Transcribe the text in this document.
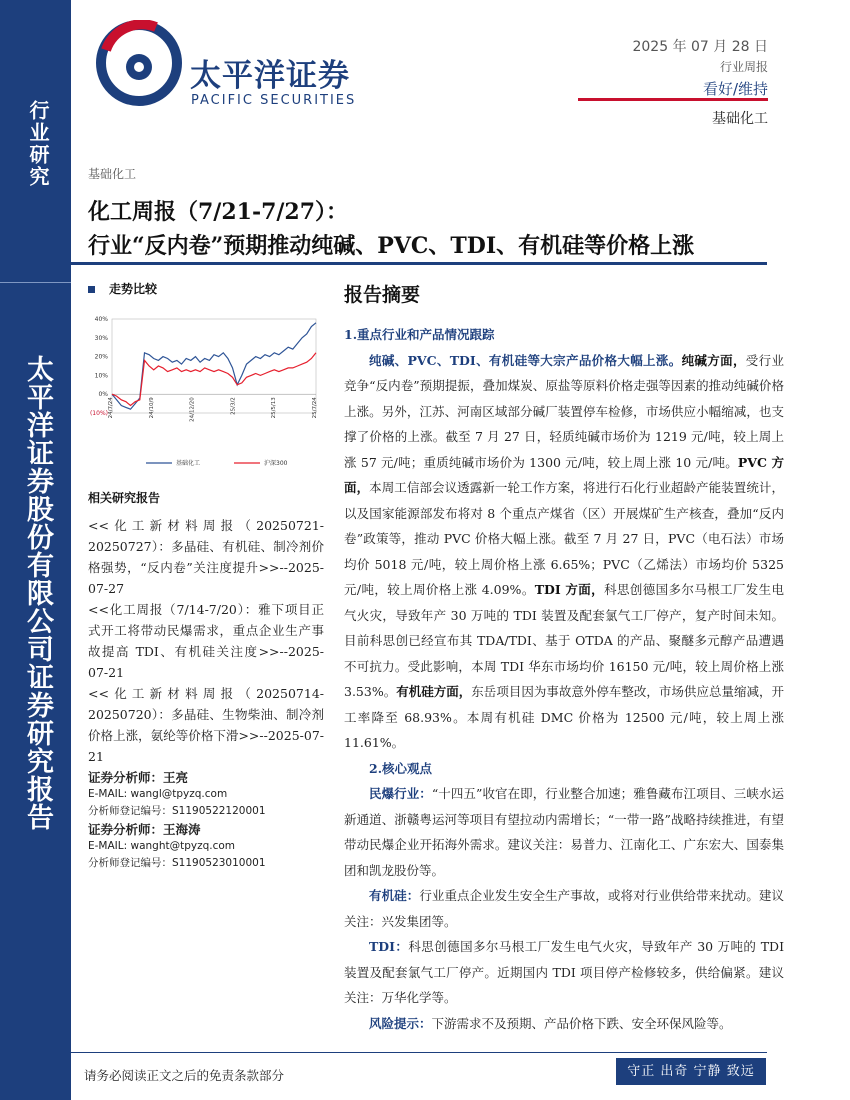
行业研究
太平洋证券股份有限公司证券研究报告
太平洋证券
PACIFIC SECURITIES
2025 年 07 月 28 日
行业周报
看好/维持
基础化工
基础化工
化工周报（7/21-7/27）：
行业“反内卷”预期推动纯碱、PVC、TDI、有机硅等价格上涨
走势比较
40%
30%
20%
10%
0%
(10%) 24/7/24	24/10/9	24/12/20	25/3/2	25/5/13	25/7/24
基础化工	沪深300
相关研究报告

<<化工新材料周报（20250721-20250727）：多晶硅、有机硅、制冷剂价格强势，“反内卷”关注度提升>>--2025-07-27

<<化工周报（7/14-7/20）：雅下项目正式开工将带动民爆需求，重点企业生产事故提高 TDI、有机硅关注度>>--2025-07-21

<<化工新材料周报（20250714-20250720）：多晶硅、生物柴油、制冷剂价格上涨，氨纶等价格下滑>>--2025-07-21

证券分析师：王亮
E-MAIL: wangl@tpyzq.com
分析师登记编号：S1190522120001
证券分析师：王海涛
E-MAIL: wanght@tpyzq.com
分析师登记编号：S1190523010001
报告摘要

1.重点行业和产品情况跟踪

纯碱、PVC、TDI、有机硅等大宗产品价格大幅上涨。纯碱方面，受行业竞争“反内卷”预期提振，叠加煤炭、原盐等原料价格走强等因素的推动纯碱价格上涨。另外，江苏、河南区域部分碱厂装置停车检修，市场供应小幅缩减，也支撑了价格的上涨。截至 7 月 27 日，轻质纯碱市场价为 1219 元/吨，较上周上涨 57 元/吨；重质纯碱市场价为 1300 元/吨，较上周上涨 10 元/吨。PVC 方面，本周工信部会议透露新一轮工作方案，将进行石化行业超龄产能装置统计，以及国家能源部发布将对 8 个重点产煤省（区）开展煤矿生产核查，叠加“反内卷”政策等，推动 PVC 价格大幅上涨。截至 7 月 27 日，PVC（电石法）市场均价 5018 元/吨，较上周价格上涨 6.65%；PVC（乙烯法）市场均价 5325 元/吨，较上周价格上涨 4.09%。TDI 方面，科思创德国多尔马根工厂发生电气火灾，导致年产 30 万吨的 TDI 装置及配套氯气工厂停产，复产时间未知。目前科思创已经宣布其 TDA/TDI、基于 OTDA 的产品、聚醚多元醇产品遭遇不可抗力。受此影响，本周 TDI 华东市场均价 16150 元/吨，较上周价格上涨 3.53%。有机硅方面，东岳项目因为事故意外停车整改，市场供应总量缩减，开工率降至 68.93%。本周有机硅 DMC 价格为 12500 元/吨，较上周上涨 11.61%。

2.核心观点

民爆行业：“十四五”收官在即，行业整合加速；雅鲁藏布江项目、三峡水运新通道、浙赣粤运河等项目有望拉动内需增长；“一带一路”战略持续推进，有望带动民爆企业开拓海外需求。建议关注：易普力、江南化工、广东宏大、国泰集团和凯龙股份等。

有机硅：行业重点企业发生安全生产事故，或将对行业供给带来扰动。建议关注：兴发集团等。

TDI：科思创德国多尔马根工厂发生电气火灾，导致年产 30 万吨的 TDI 装置及配套氯气工厂停产。近期国内 TDI 项目停产检修较多，供给偏紧。建议关注：万华化学等。

风险提示：下游需求不及预期、产品价格下跌、安全环保风险等。

请务必阅读正文之后的免责条款部分	守正 出奇 宁静 致远
